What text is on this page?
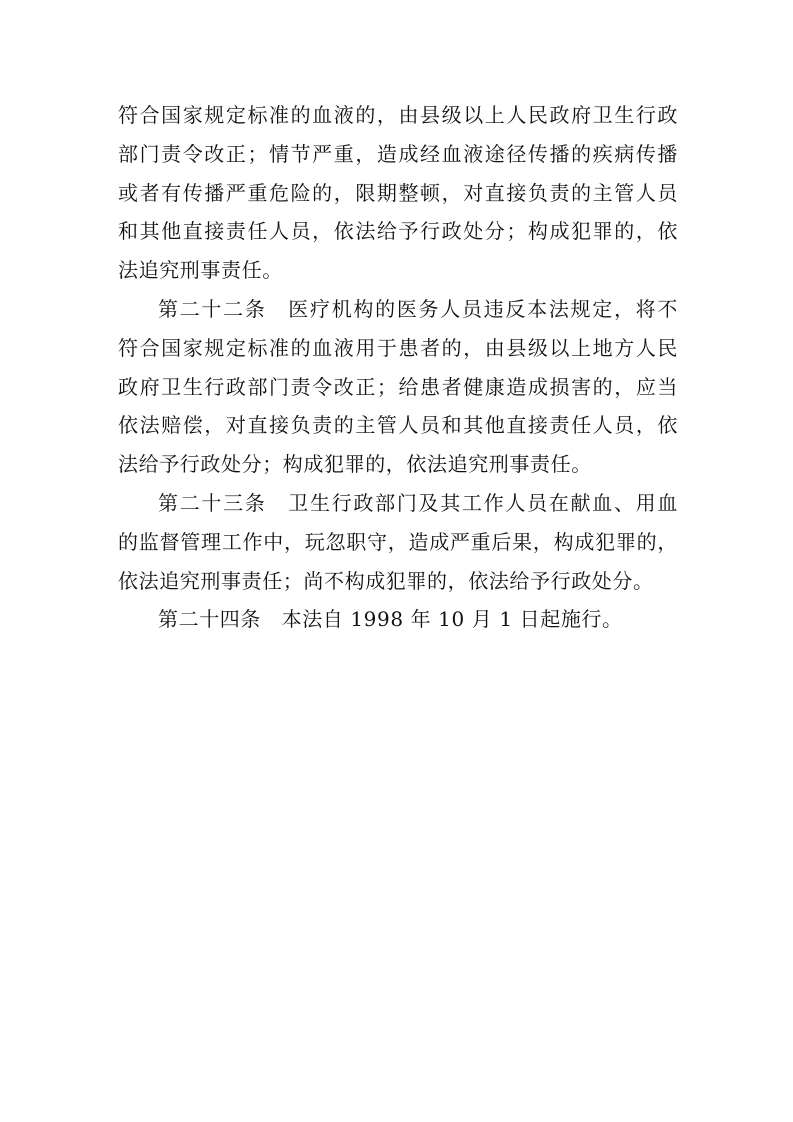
符合国家规定标准的血液的，由县级以上人民政府卫生行政
部门责令改正；情节严重，造成经血液途径传播的疾病传播
或者有传播严重危险的，限期整顿，对直接负责的主管人员
和其他直接责任人员，依法给予行政处分；构成犯罪的，依
法追究刑事责任。
第二十二条　医疗机构的医务人员违反本法规定，将不
符合国家规定标准的血液用于患者的，由县级以上地方人民
政府卫生行政部门责令改正；给患者健康造成损害的，应当
依法赔偿，对直接负责的主管人员和其他直接责任人员，依
法给予行政处分；构成犯罪的，依法追究刑事责任。
第二十三条　卫生行政部门及其工作人员在献血、用血
的监督管理工作中，玩忽职守，造成严重后果，构成犯罪的，
依法追究刑事责任；尚不构成犯罪的，依法给予行政处分。
第二十四条　本法自 1998 年 10 月 1 日起施行。
